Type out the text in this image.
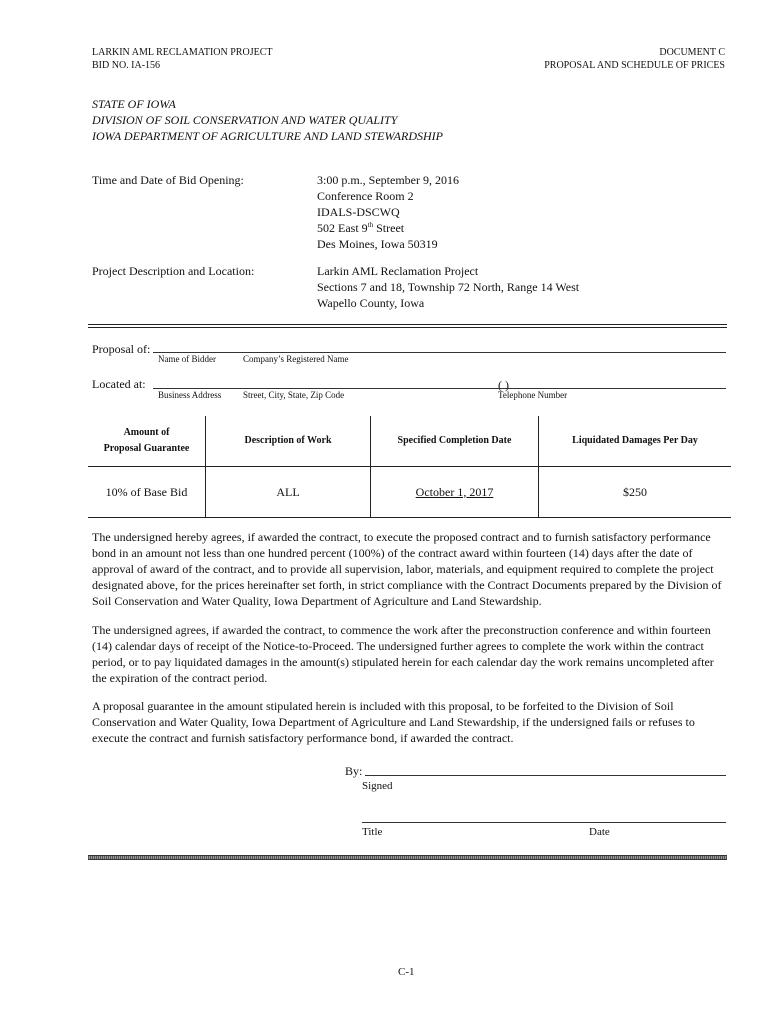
LARKIN AML RECLAMATION PROJECT
BID NO. IA-156
DOCUMENT C
PROPOSAL AND SCHEDULE OF PRICES
STATE OF IOWA
DIVISION OF SOIL CONSERVATION AND WATER QUALITY
IOWA DEPARTMENT OF AGRICULTURE AND LAND STEWARDSHIP
Time and Date of Bid Opening:	3:00 p.m., September 9, 2016
Conference Room 2
IDALS-DSCWQ
502 East 9th Street
Des Moines, Iowa 50319
Project Description and Location:	Larkin AML Reclamation Project
Sections 7 and 18, Township 72 North, Range 14 West
Wapello County, Iowa
Proposal of:
Name of Bidder	Company’s Registered Name
Located at:	( )
Business Address Street, City, State, Zip Code	Telephone Number
Amount of
Proposal Guarantee	Description of Work	Specified Completion Date	Liquidated Damages Per Day
10% of Base Bid	ALL	October 1, 2017	$250
The undersigned hereby agrees, if awarded the contract, to execute the proposed contract and to furnish satisfactory performance bond in an amount not less than one hundred percent (100%) of the contract award within fourteen (14) days after the date of approval of award of the contract, and to provide all supervision, labor, materials, and equipment required to complete the project designated above, for the prices hereinafter set forth, in strict compliance with the Contract Documents prepared by the Division of Soil Conservation and Water Quality, Iowa Department of Agriculture and Land Stewardship.
The undersigned agrees, if awarded the contract, to commence the work after the preconstruction conference and within fourteen (14) calendar days of receipt of the Notice-to-Proceed. The undersigned further agrees to complete the work within the contract period, or to pay liquidated damages in the amount(s) stipulated herein for each calendar day the work remains uncompleted after the expiration of the contract period.
A proposal guarantee in the amount stipulated herein is included with this proposal, to be forfeited to the Division of Soil Conservation and Water Quality, Iowa Department of Agriculture and Land Stewardship, if the undersigned fails or refuses to execute the contract and furnish satisfactory performance bond, if awarded the contract.
By:
Signed
Title	Date
C-1
